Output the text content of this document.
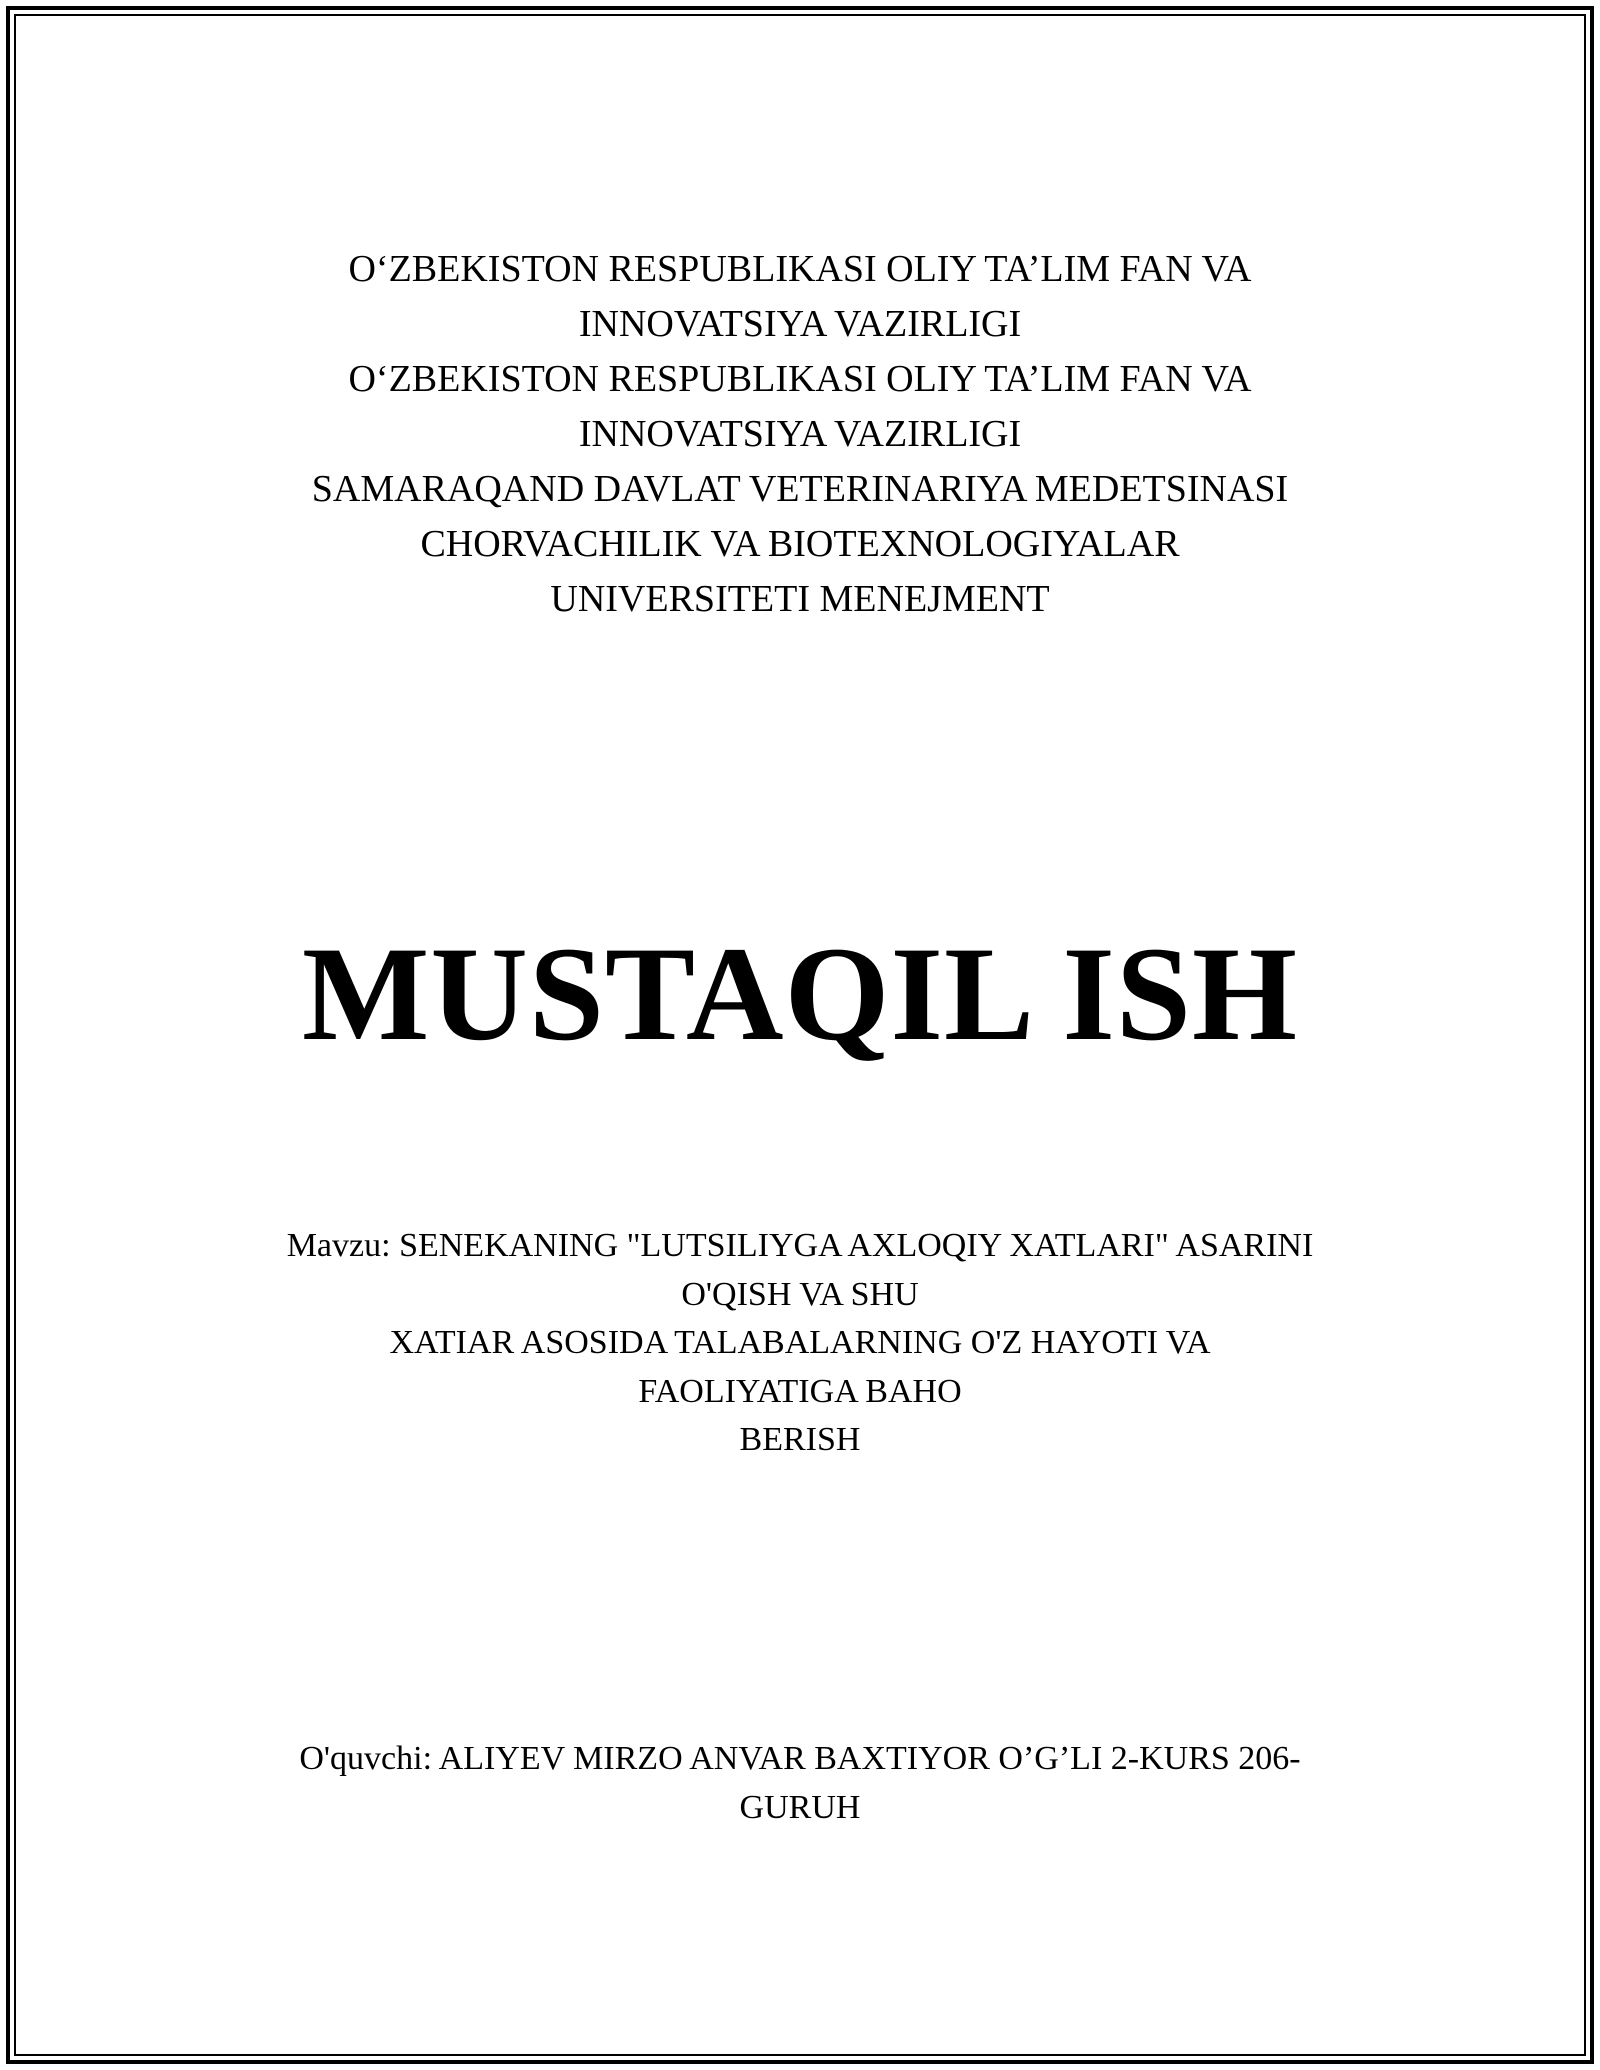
O‘ZBEKISTON RESPUBLIKASI OLIY TA’LIM FAN VA
INNOVATSIYA VAZIRLIGI
O‘ZBEKISTON RESPUBLIKASI OLIY TA’LIM FAN VA
INNOVATSIYA VAZIRLIGI
SAMARAQAND DAVLAT VETERINARIYA MEDETSINASI
CHORVACHILIK VA BIOTEXNOLOGIYALAR
UNIVERSITETI MENEJMENT
MUSTAQIL ISH
Mavzu: SENEKANING "LUTSILIYGA AXLOQIY XATLARI" ASARINI
O'QISH VA SHU
XATIAR ASOSIDA TALABALARNING O'Z HAYOTI VA
FAOLIYATIGA BAHO
BERISH
O'quvchi: ALIYEV MIRZO ANVAR BAXTIYOR O’G’LI 2-KURS 206-
GURUH
